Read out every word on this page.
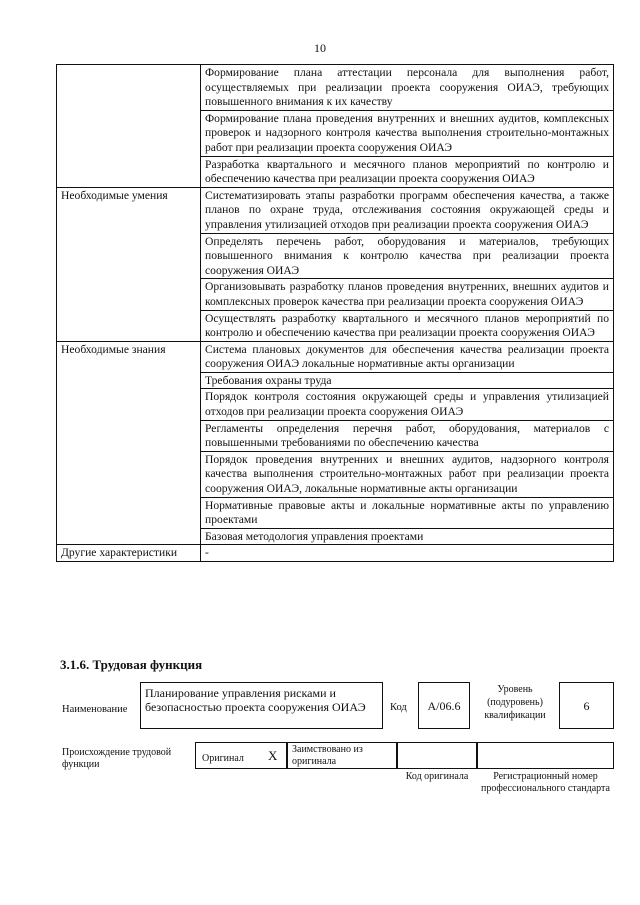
10
	Формирование плана аттестации персонала для выполнения работ, осуществляемых при реализации проекта сооружения ОИАЭ, требующих повышенного внимания к их качеству
	Формирование плана проведения внутренних и внешних аудитов, комплексных проверок и надзорного контроля качества выполнения строительно-монтажных работ при реализации проекта сооружения ОИАЭ
	Разработка квартального и месячного планов мероприятий по контролю и обеспечению качества при реализации проекта сооружения ОИАЭ
Необходимые умения	Систематизировать этапы разработки программ обеспечения качества, а также планов по охране труда, отслеживания состояния окружающей среды и управления утилизацией отходов при реализации проекта сооружения ОИАЭ
	Определять перечень работ, оборудования и материалов, требующих повышенного внимания к контролю качества при реализации проекта сооружения ОИАЭ
	Организовывать разработку планов проведения внутренних, внешних аудитов и комплексных проверок качества при реализации проекта сооружения ОИАЭ
	Осуществлять разработку квартального и месячного планов мероприятий по контролю и обеспечению качества при реализации проекта сооружения ОИАЭ
Необходимые знания	Система плановых документов для обеспечения качества реализации проекта сооружения ОИАЭ локальные нормативные акты организации
	Требования охраны труда
	Порядок контроля состояния окружающей среды и управления утилизацией отходов при реализации проекта сооружения ОИАЭ
	Регламенты определения перечня работ, оборудования, материалов с повышенными требованиями по обеспечению качества
	Порядок проведения внутренних и внешних аудитов, надзорного контроля качества выполнения строительно-монтажных работ при реализации проекта сооружения ОИАЭ, локальные нормативные акты организации
	Нормативные правовые акты и локальные нормативные акты по управлению проектами
	Базовая методология управления проектами
Другие характеристики	-
3.1.6. Трудовая функция
Наименование
Планирование управления рисками и безопасностью проекта сооружения ОИАЭ	Код	А/06.6
Уровень (подуровень) квалификации
6
Происхождение трудовой функции
Оригинал X	Заимствовано из оригинала
Код оригинала	Регистрационный номер профессионального стандарта
